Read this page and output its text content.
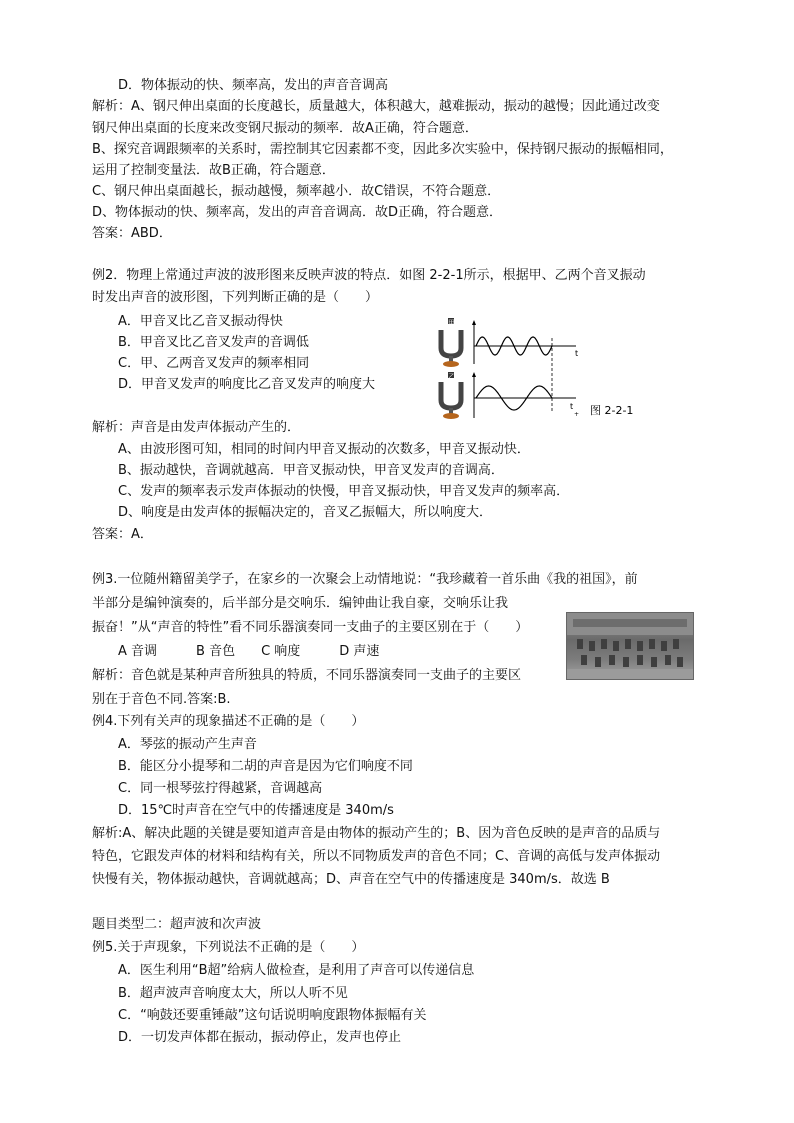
D．物体振动的快、频率高，发出的声音音调高
解析：A、钢尺伸出桌面的长度越长，质量越大，体积越大，越难振动，振动的越慢；因此通过改变
钢尺伸出桌面的长度来改变钢尺振动的频率．故A正确，符合题意．
B、探究音调跟频率的关系时，需控制其它因素都不变，因此多次实验中，保持钢尺振动的振幅相同，
运用了控制变量法．故B正确，符合题意．
C、钢尺伸出桌面越长，振动越慢，频率越小．故C错误，不符合题意．
D、物体振动的快、频率高，发出的声音音调高．故D正确，符合题意．
答案：ABD．
例2．物理上常通过声波的波形图来反映声波的特点．如图 2-2-1所示，根据甲、乙两个音叉振动
时发出声音的波形图，下列判断正确的是（　　）
A．甲音叉比乙音叉振动得快
B．甲音叉比乙音叉发声的音调低
C．甲、乙两音叉发声的频率相同
D．甲音叉发声的响度比乙音叉发声的响度大
解析：声音是由发声体振动产生的．
A、由波形图可知，相同的时间内甲音叉振动的次数多，甲音叉振动快．
B、振动越快，音调就越高．甲音叉振动快，甲音叉发声的音调高．
C、发声的频率表示发声体振动的快慢，甲音叉振动快，甲音叉发声的频率高．
D、响度是由发声体的振幅决定的，音叉乙振幅大，所以响度大．
答案：A．
例3.一位随州籍留美学子，在家乡的一次聚会上动情地说：“我珍藏着一首乐曲《我的祖国》，前
半部分是编钟演奏的，后半部分是交响乐．编钟曲让我自豪，交响乐让我
振奋！”从“声音的特性”看不同乐器演奏同一支曲子的主要区别在于（　　）
A 音调　　　B 音色　　C 响度　　　D 声速
解析：音色就是某种声音所独具的特质，不同乐器演奏同一支曲子的主要区
别在于音色不同.答案:B.
例4.下列有关声的现象描述不正确的是（　　）
A．琴弦的振动产生声音
B．能区分小提琴和二胡的声音是因为它们响度不同
C．同一根琴弦拧得越紧，音调越高
D．15℃时声音在空气中的传播速度是 340m/s
解析:A、解决此题的关键是要知道声音是由物体的振动产生的；B、因为音色反映的是声音的品质与
特色，它跟发声体的材料和结构有关，所以不同物质发声的音色不同；C、音调的高低与发声体振动
快慢有关，物体振动越快，音调就越高；D、声音在空气中的传播速度是 340m/s．故选 B
题目类型二：超声波和次声波
例5.关于声现象，下列说法不正确的是（　　）
A．医生利用“B超”给病人做检查，是利用了声音可以传递信息
B．超声波声音响度太大，所以人听不见
C．“响鼓还要重锤敲”这句话说明响度跟物体振幅有关
D．一切发声体都在振动，振动停止，发声也停止
甲
t
乙
t
+ 图 2-2-1
